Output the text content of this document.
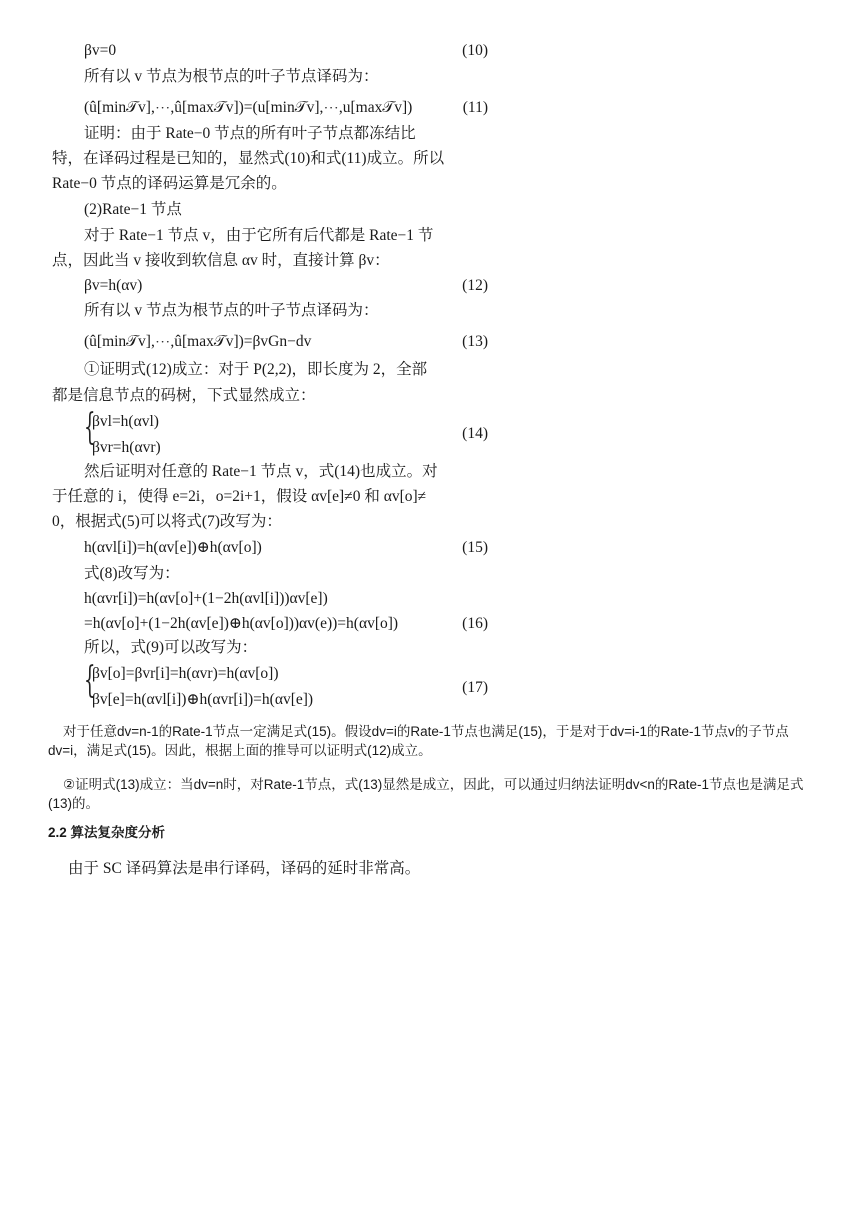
βv=0	(10)
所有以 v 节点为根节点的叶子节点译码为：
(û[min𝒯v],⋯,û[max𝒯v])=(u[min𝒯v],⋯,u[max𝒯v])	(11)
证明：由于 Rate−0 节点的所有叶子节点都冻结比
特，在译码过程是已知的，显然式(10)和式(11)成立。所以
Rate−0 节点的译码运算是冗余的。
(2)Rate−1 节点
对于 Rate−1 节点 v，由于它所有后代都是 Rate−1 节
点，因此当 v 接收到软信息 αv 时，直接计算 βv：
βv=h(αv)	(12)
所有以 v 节点为根节点的叶子节点译码为：
(û[min𝒯v],⋯,û[max𝒯v])=βvGn−dv	(13)
①证明式(12)成立：对于 P(2,2)，即长度为 2，全部
都是信息节点的码树，下式显然成立：
{
βvl=h(αvl)
βvr=h(αvr)
(14)
然后证明对任意的 Rate−1 节点 v，式(14)也成立。对
于任意的 i，使得 e=2i，o=2i+1，假设 αv[e]≠0 和 αv[o]≠
0，根据式(5)可以将式(7)改写为：
h(αvl[i])=h(αv[e])⊕h(αv[o])	(15)
式(8)改写为：
h(αvr[i])=h(αv[o]+(1−2h(αvl[i]))αv[e])
=h(αv[o]+(1−2h(αv[e])⊕h(αv[o]))αv(e))=h(αv[o])	(16)
所以，式(9)可以改写为：
{
βv[o]=βvr[i]=h(αvr)=h(αv[o])
βv[e]=h(αvl[i])⊕h(αvr[i])=h(αv[e])
(17)
对于任意dv=n-1的Rate-1节点一定满足式(15)。假设dv=i的Rate-1节点也满足(15)，于是对于dv=i-1的Rate-1节点v的子节点dv=i，满足式(15)。因此，根据上面的推导可以证明式(12)成立。
②证明式(13)成立：当dv=n时，对Rate-1节点，式(13)显然是成立，因此，可以通过归纳法证明dv<n的Rate-1节点也是满足式(13)的。
2.2 算法复杂度分析
由于 SC 译码算法是串行译码，译码的延时非常高。
